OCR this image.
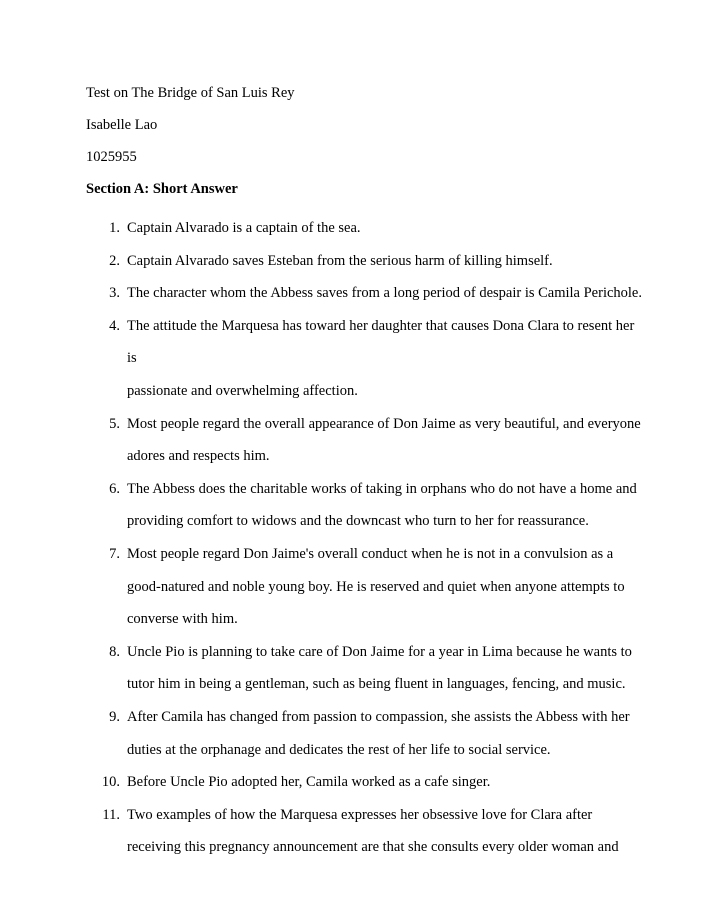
Test on The Bridge of San Luis Rey
Isabelle Lao
1025955
Section A: Short Answer
1. Captain Alvarado is a captain of the sea.
2. Captain Alvarado saves Esteban from the serious harm of killing himself.
3. The character whom the Abbess saves from a long period of despair is Camila Perichole.
4. The attitude the Marquesa has toward her daughter that causes Dona Clara to resent her is
passionate and overwhelming affection.
5. Most people regard the overall appearance of Don Jaime as very beautiful, and everyone
adores and respects him.
6. The Abbess does the charitable works of taking in orphans who do not have a home and
providing comfort to widows and the downcast who turn to her for reassurance.
7. Most people regard Don Jaime's overall conduct when he is not in a convulsion as a
good-natured and noble young boy. He is reserved and quiet when anyone attempts to
converse with him.
8. Uncle Pio is planning to take care of Don Jaime for a year in Lima because he wants to
tutor him in being a gentleman, such as being fluent in languages, fencing, and music.
9. After Camila has changed from passion to compassion, she assists the Abbess with her
duties at the orphanage and dedicates the rest of her life to social service.
10. Before Uncle Pio adopted her, Camila worked as a cafe singer.
11. Two examples of how the Marquesa expresses her obsessive love for Clara after
receiving this pregnancy announcement are that she consults every older woman and
